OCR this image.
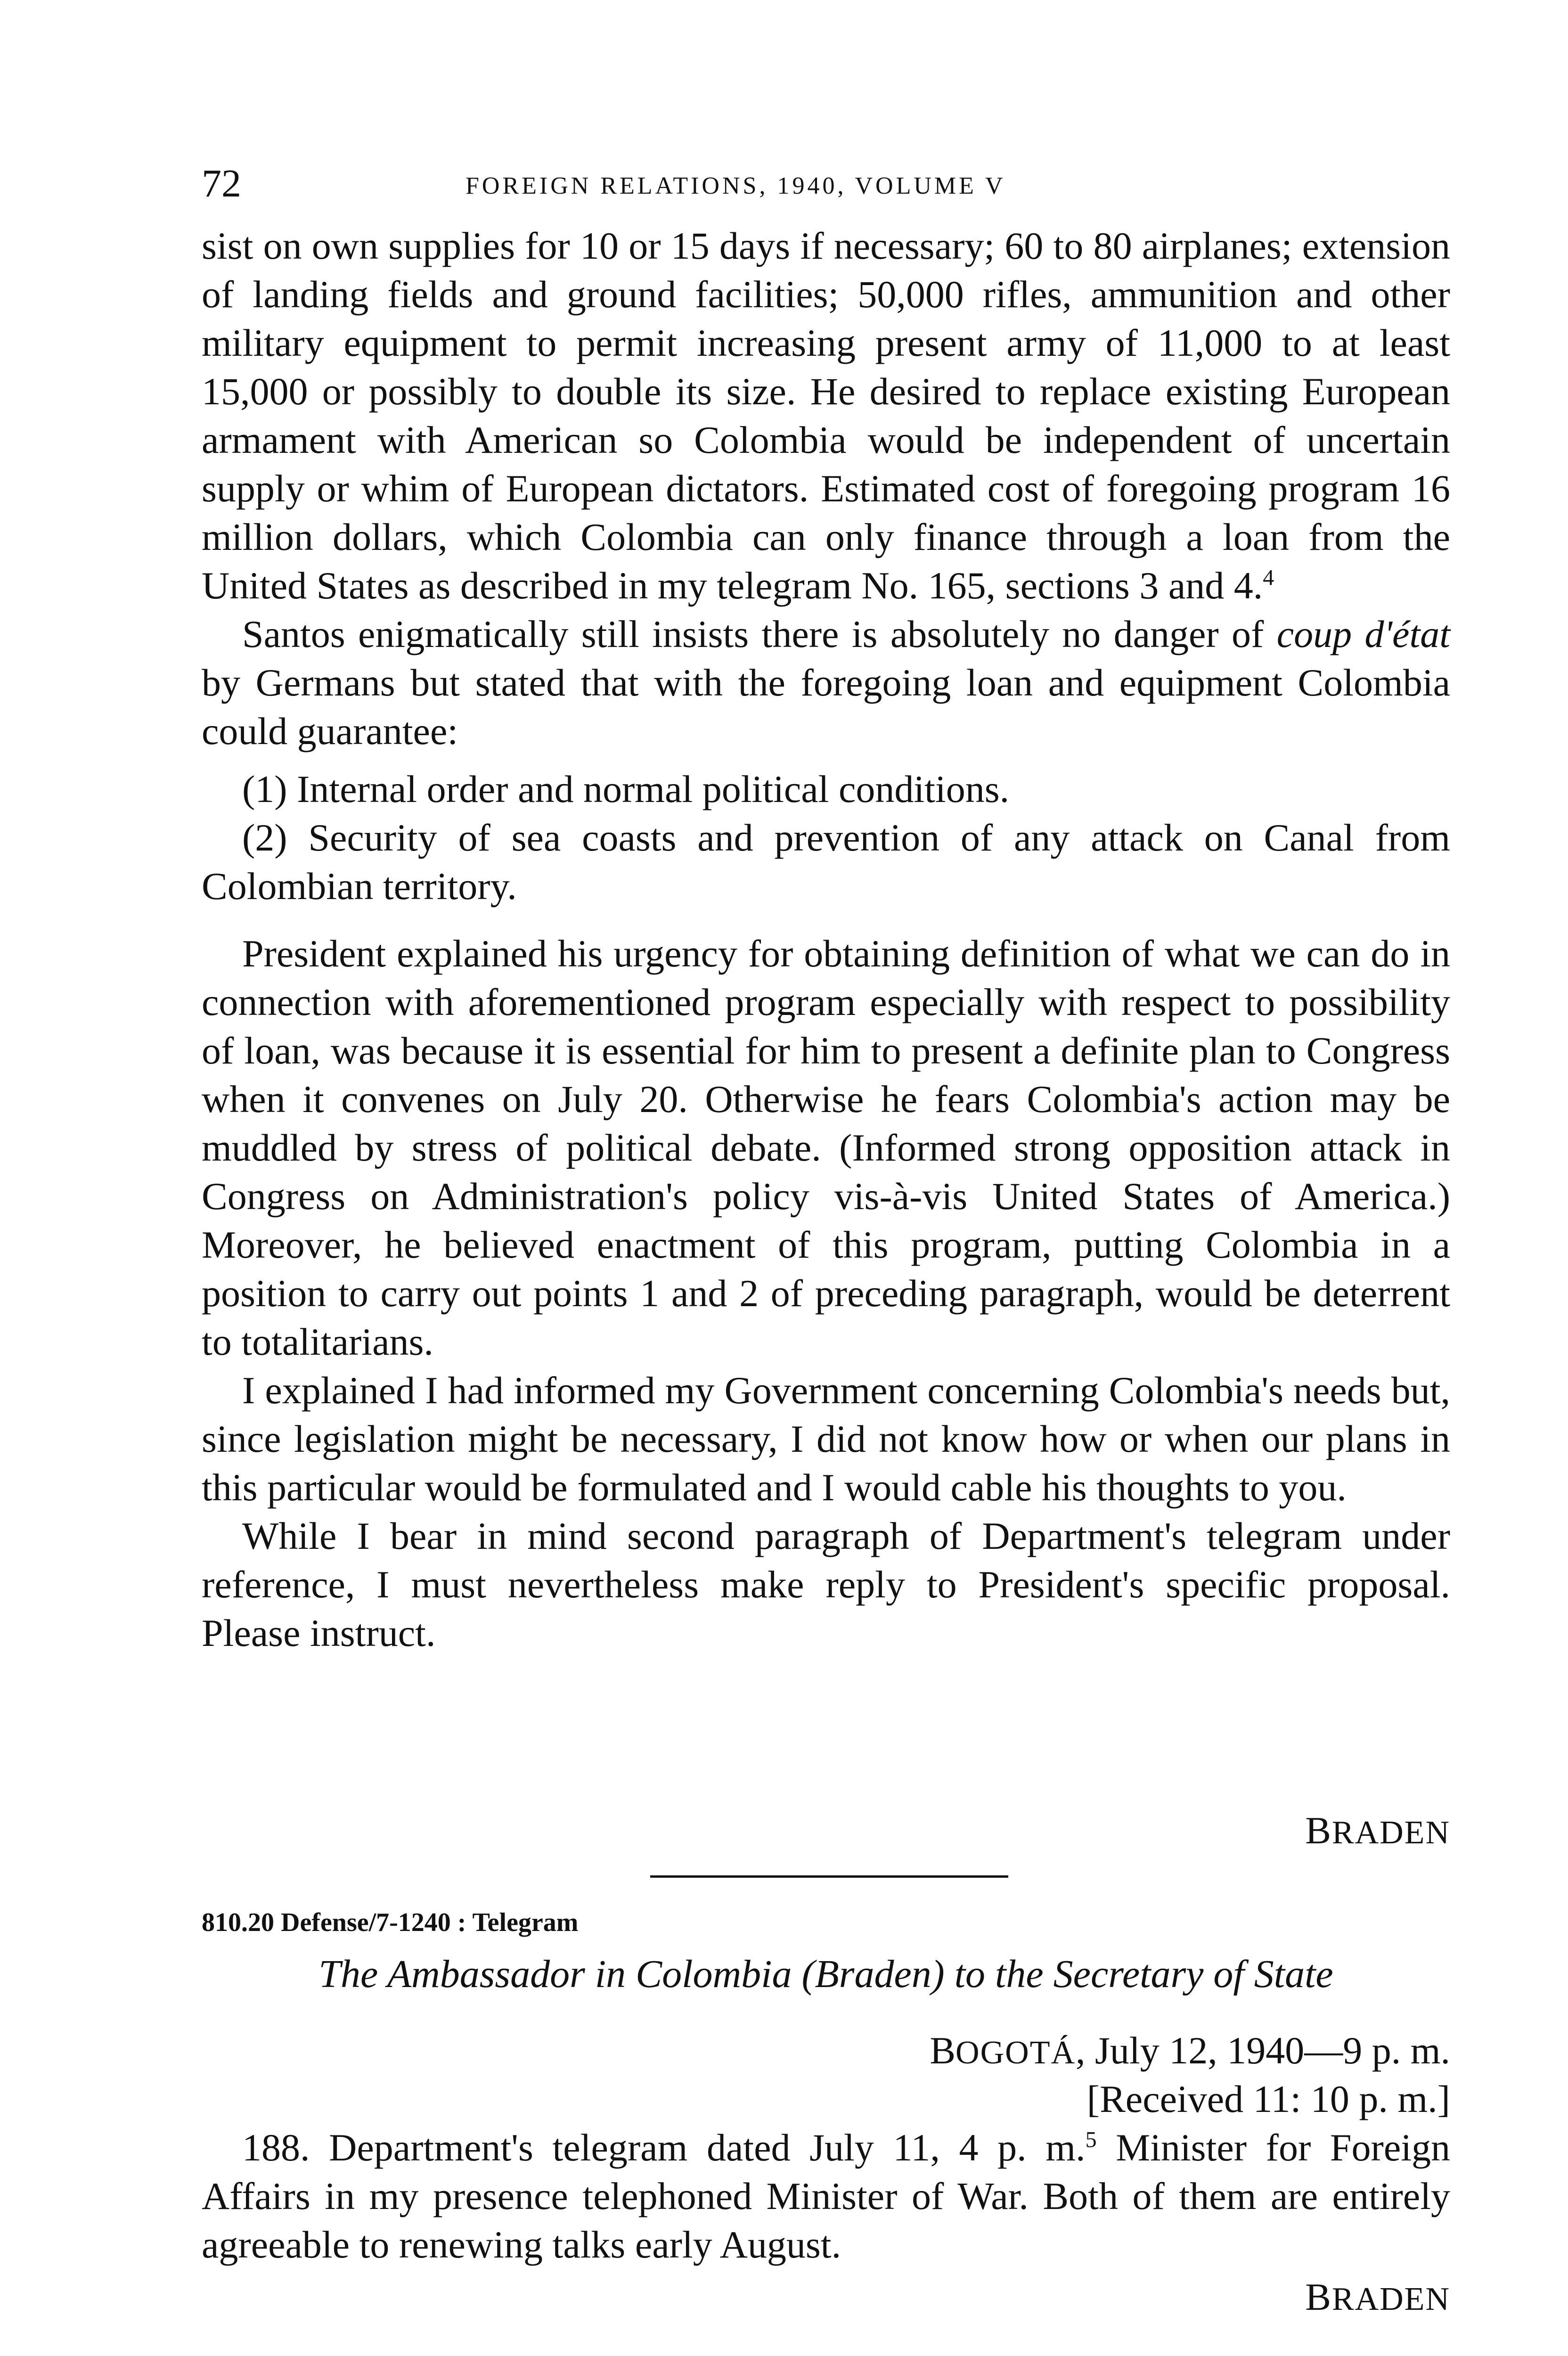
72	FOREIGN RELATIONS, 1940, VOLUME V

sist on own supplies for 10 or 15 days if necessary; 60 to 80 airplanes; extension of landing fields and ground facilities; 50,000 rifles, ammunition and other military equipment to permit increasing present army of 11,000 to at least 15,000 or possibly to double its size. He desired to replace existing European armament with American so Colombia would be independent of uncertain supply or whim of European dictators. Estimated cost of foregoing program 16 million dollars, which Colombia can only finance through a loan from the United States as described in my telegram No. 165, sections 3 and 4.$^4$

Santos enigmatically still insists there is absolutely no danger of coup d'état by Germans but stated that with the foregoing loan and equipment Colombia could guarantee:

(1) Internal order and normal political conditions.

(2) Security of sea coasts and prevention of any attack on Canal from Colombian territory.

President explained his urgency for obtaining definition of what we can do in connection with aforementioned program especially with respect to possibility of loan, was because it is essential for him to present a definite plan to Congress when it convenes on July 20. Otherwise he fears Colombia's action may be muddled by stress of political debate. (Informed strong opposition attack in Congress on Administration's policy vis-à-vis United States of America.) Moreover, he believed enactment of this program, putting Colombia in a position to carry out points 1 and 2 of preceding paragraph, would be deterrent to totalitarians.

I explained I had informed my Government concerning Colombia's needs but, since legislation might be necessary, I did not know how or when our plans in this particular would be formulated and I would cable his thoughts to you.

While I bear in mind second paragraph of Department's telegram under reference, I must nevertheless make reply to President's specific proposal. Please instruct.

BRADEN
810.20 Defense/7-1240 : Telegram
The Ambassador in Colombia (Braden) to the Secretary of State
BOGOTÁ, July 12, 1940—9 p. m.
[Received 11: 10 p. m.]

188. Department's telegram dated July 11, 4 p. m.$^5$ Minister for Foreign Affairs in my presence telephoned Minister of War. Both of them are entirely agreeable to renewing talks early August.

BRADEN
